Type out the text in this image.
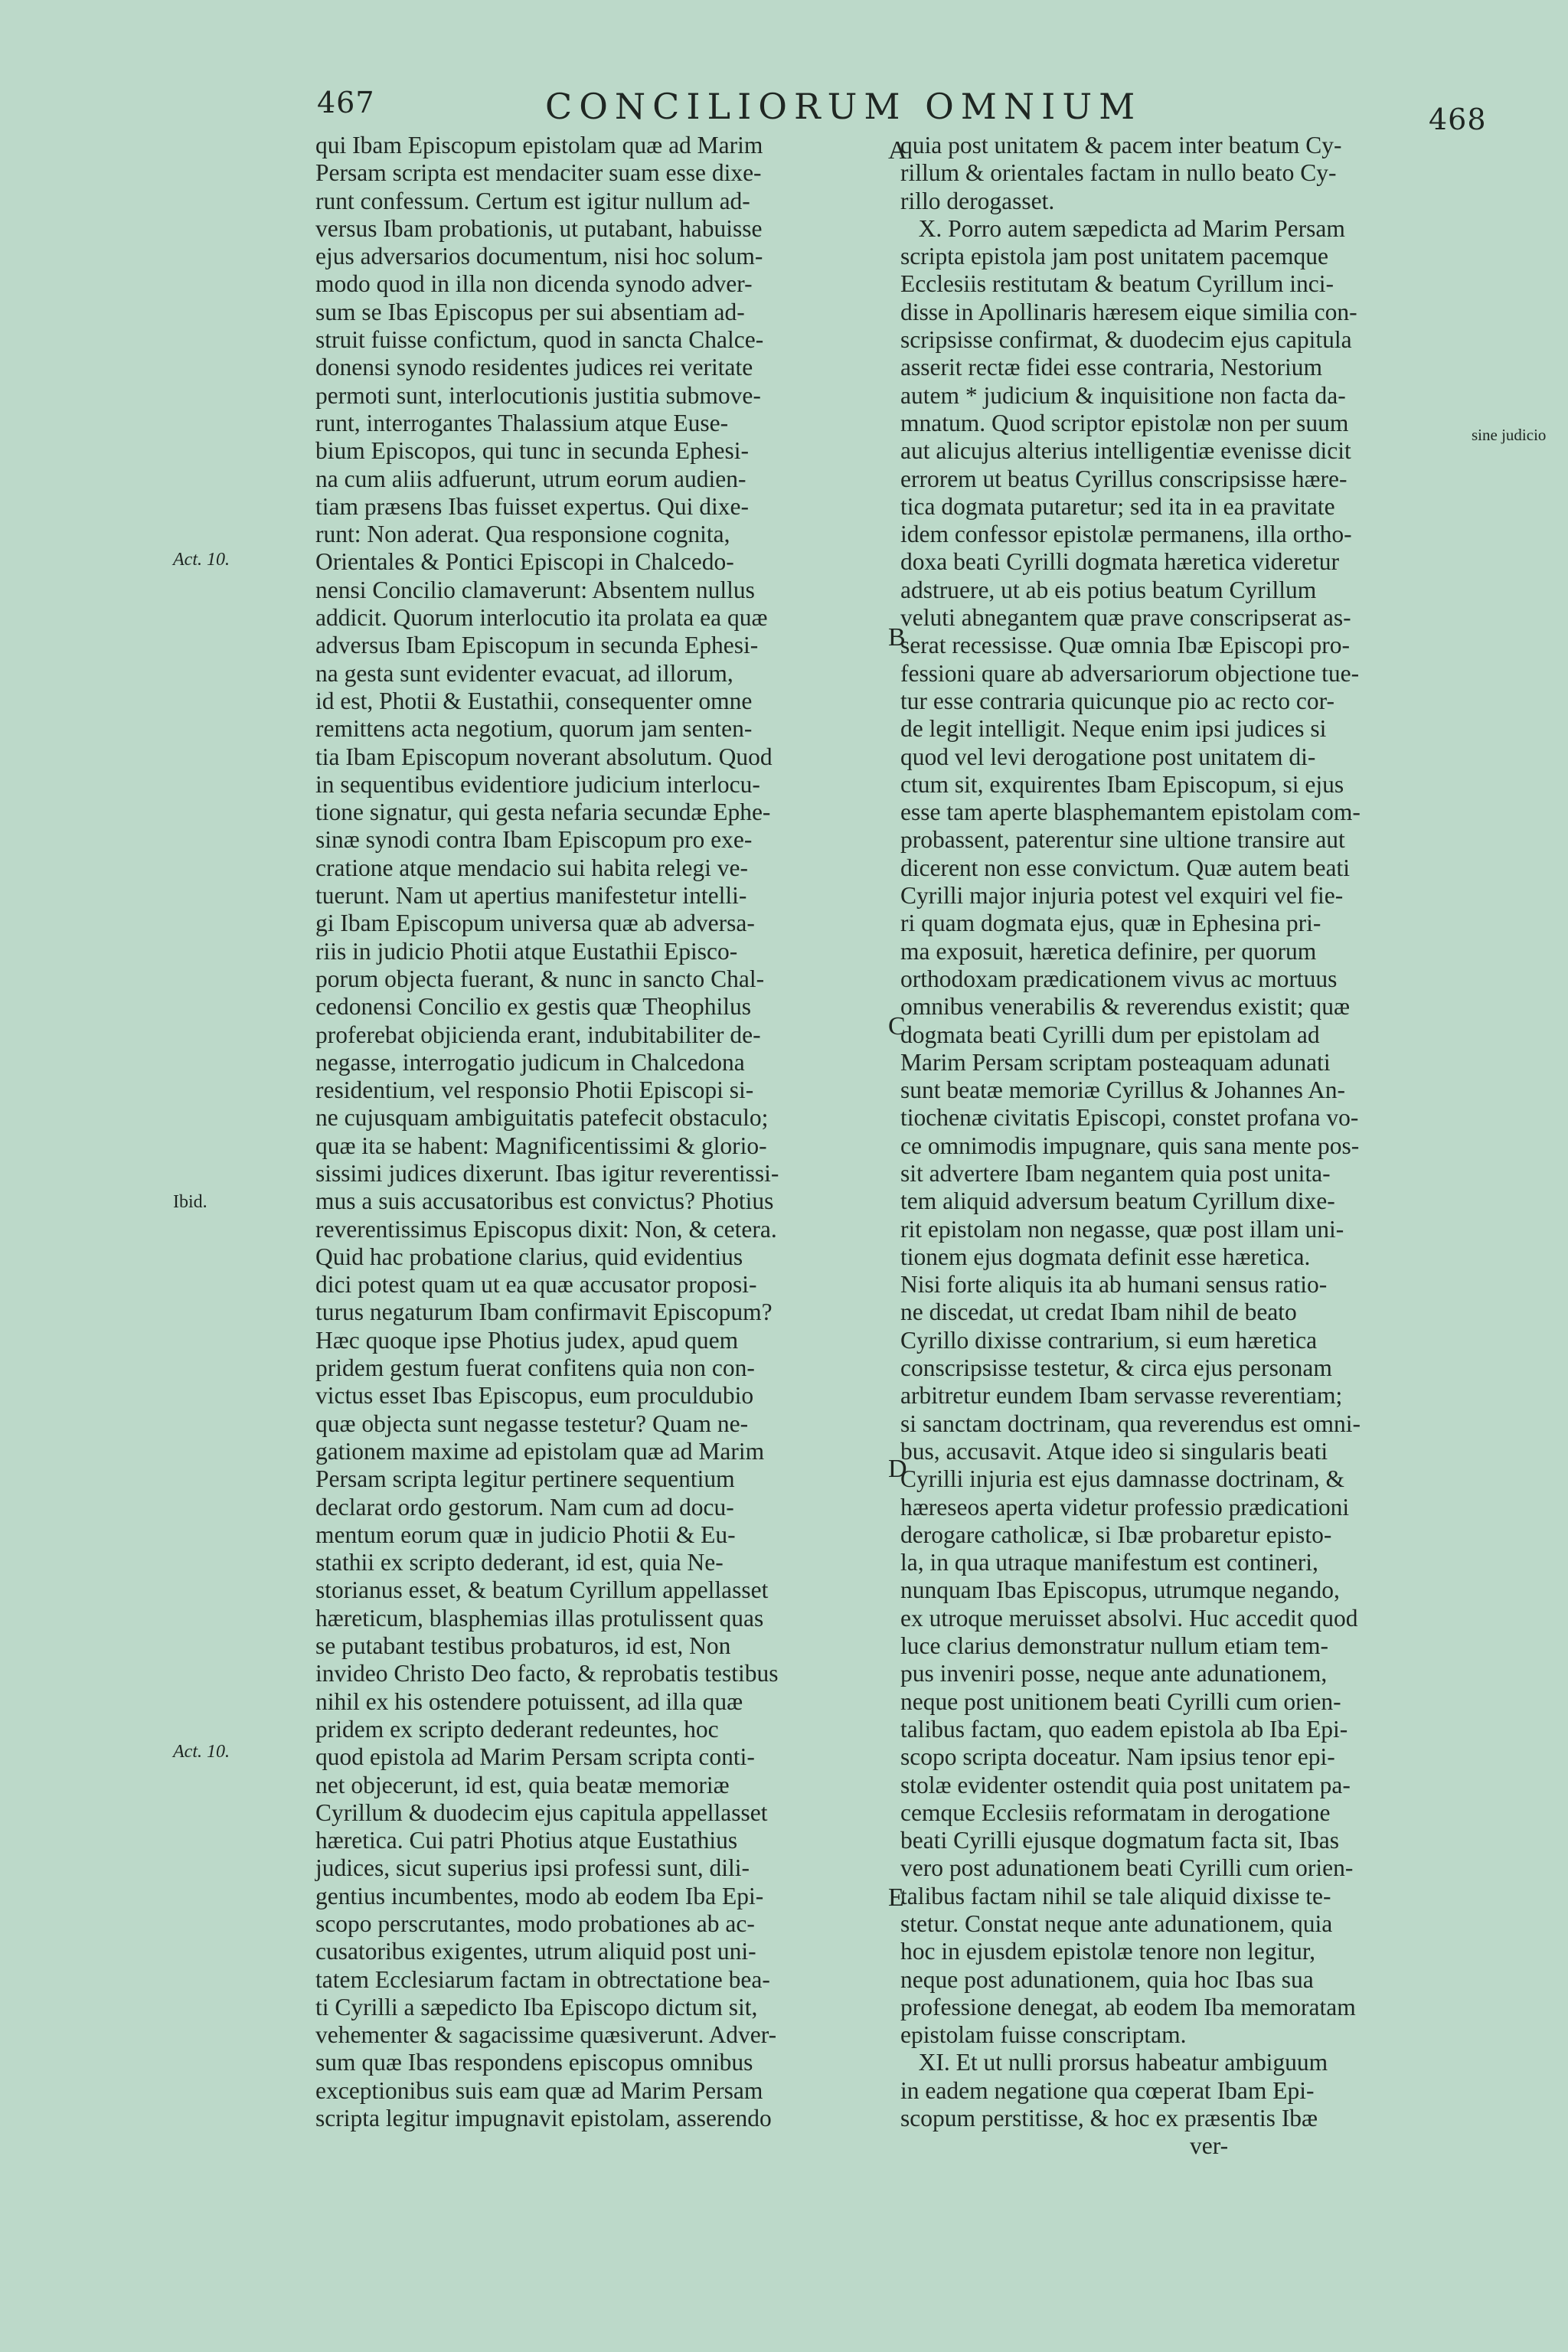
467	CONCILIORUM OMNIUM	468
Act. 10.
Ibid.
Act. 10.
sine judicio
A
B
C
D
E
qui Ibam Episcopum epistolam quæ ad Marim
Persam scripta est mendaciter suam esse dixe-
runt confessum. Certum est igitur nullum ad-
versus Ibam probationis, ut putabant, habuisse
ejus adversarios documentum, nisi hoc solum-
modo quod in illa non dicenda synodo adver-
sum se Ibas Episcopus per sui absentiam ad-
struit fuisse confictum, quod in sancta Chalce-
donensi synodo residentes judices rei veritate
permoti sunt, interlocutionis justitia submove-
runt, interrogantes Thalassium atque Euse-
bium Episcopos, qui tunc in secunda Ephesi-
na cum aliis adfuerunt, utrum eorum audien-
tiam præsens Ibas fuisset expertus. Qui dixe-
runt: Non aderat. Qua responsione cognita,
Orientales & Pontici Episcopi in Chalcedo-
nensi Concilio clamaverunt: Absentem nullus
addicit. Quorum interlocutio ita prolata ea quæ
adversus Ibam Episcopum in secunda Ephesi-
na gesta sunt evidenter evacuat, ad illorum,
id est, Photii & Eustathii, consequenter omne
remittens acta negotium, quorum jam senten-
tia Ibam Episcopum noverant absolutum. Quod
in sequentibus evidentiore judicium interlocu-
tione signatur, qui gesta nefaria secundæ Ephe-
sinæ synodi contra Ibam Episcopum pro exe-
cratione atque mendacio sui habita relegi ve-
tuerunt. Nam ut apertius manifestetur intelli-
gi Ibam Episcopum universa quæ ab adversa-
riis in judicio Photii atque Eustathii Episco-
porum objecta fuerant, & nunc in sancto Chal-
cedonensi Concilio ex gestis quæ Theophilus
proferebat objicienda erant, indubitabiliter de-
negasse, interrogatio judicum in Chalcedona
residentium, vel responsio Photii Episcopi si-
ne cujusquam ambiguitatis patefecit obstaculo;
quæ ita se habent: Magnificentissimi & glorio-
sissimi judices dixerunt. Ibas igitur reverentissi-
mus a suis accusatoribus est convictus? Photius
reverentissimus Episcopus dixit: Non, & cetera.
Quid hac probatione clarius, quid evidentius
dici potest quam ut ea quæ accusator proposi-
turus negaturum Ibam confirmavit Episcopum?
Hæc quoque ipse Photius judex, apud quem
pridem gestum fuerat confitens quia non con-
victus esset Ibas Episcopus, eum proculdubio
quæ objecta sunt negasse testetur? Quam ne-
gationem maxime ad epistolam quæ ad Marim
Persam scripta legitur pertinere sequentium
declarat ordo gestorum. Nam cum ad docu-
mentum eorum quæ in judicio Photii & Eu-
stathii ex scripto dederant, id est, quia Ne-
storianus esset, & beatum Cyrillum appellasset
hæreticum, blasphemias illas protulissent quas
se putabant testibus probaturos, id est, Non
invideo Christo Deo facto, & reprobatis testibus
nihil ex his ostendere potuissent, ad illa quæ
pridem ex scripto dederant redeuntes, hoc
quod epistola ad Marim Persam scripta conti-
net objecerunt, id est, quia beatæ memoriæ
Cyrillum & duodecim ejus capitula appellasset
hæretica. Cui patri Photius atque Eustathius
judices, sicut superius ipsi professi sunt, dili-
gentius incumbentes, modo ab eodem Iba Epi-
scopo perscrutantes, modo probationes ab ac-
cusatoribus exigentes, utrum aliquid post uni-
tatem Ecclesiarum factam in obtrectatione bea-
ti Cyrilli a sæpedicto Iba Episcopo dictum sit,
vehementer & sagacissime quæsiverunt. Adver-
sum quæ Ibas respondens episcopus omnibus
exceptionibus suis eam quæ ad Marim Persam
scripta legitur impugnavit epistolam, asserendo
quia post unitatem & pacem inter beatum Cy-
rillum & orientales factam in nullo beato Cy-
rillo derogasset.
X. Porro autem sæpedicta ad Marim Persam
scripta epistola jam post unitatem pacemque
Ecclesiis restitutam & beatum Cyrillum inci-
disse in Apollinaris hæresem eique similia con-
scripsisse confirmat, & duodecim ejus capitula
asserit rectæ fidei esse contraria, Nestorium
autem * judicium & inquisitione non facta da-
mnatum. Quod scriptor epistolæ non per suum
aut alicujus alterius intelligentiæ evenisse dicit
errorem ut beatus Cyrillus conscripsisse hære-
tica dogmata putaretur; sed ita in ea pravitate
idem confessor epistolæ permanens, illa ortho-
doxa beati Cyrilli dogmata hæretica videretur
adstruere, ut ab eis potius beatum Cyrillum
veluti abnegantem quæ prave conscripserat as-
serat recessisse. Quæ omnia Ibæ Episcopi pro-
fessioni quare ab adversariorum objectione tue-
tur esse contraria quicunque pio ac recto cor-
de legit intelligit. Neque enim ipsi judices si
quod vel levi derogatione post unitatem di-
ctum sit, exquirentes Ibam Episcopum, si ejus
esse tam aperte blasphemantem epistolam com-
probassent, paterentur sine ultione transire aut
dicerent non esse convictum. Quæ autem beati
Cyrilli major injuria potest vel exquiri vel fie-
ri quam dogmata ejus, quæ in Ephesina pri-
ma exposuit, hæretica definire, per quorum
orthodoxam prædicationem vivus ac mortuus
omnibus venerabilis & reverendus existit; quæ
dogmata beati Cyrilli dum per epistolam ad
Marim Persam scriptam posteaquam adunati
sunt beatæ memoriæ Cyrillus & Johannes An-
tiochenæ civitatis Episcopi, constet profana vo-
ce omnimodis impugnare, quis sana mente pos-
sit advertere Ibam negantem quia post unita-
tem aliquid adversum beatum Cyrillum dixe-
rit epistolam non negasse, quæ post illam uni-
tionem ejus dogmata definit esse hæretica.
Nisi forte aliquis ita ab humani sensus ratio-
ne discedat, ut credat Ibam nihil de beato
Cyrillo dixisse contrarium, si eum hæretica
conscripsisse testetur, & circa ejus personam
arbitretur eundem Ibam servasse reverentiam;
si sanctam doctrinam, qua reverendus est omni-
bus, accusavit. Atque ideo si singularis beati
Cyrilli injuria est ejus damnasse doctrinam, &
hæreseos aperta videtur professio prædicationi
derogare catholicæ, si Ibæ probaretur episto-
la, in qua utraque manifestum est contineri,
nunquam Ibas Episcopus, utrumque negando,
ex utroque meruisset absolvi. Huc accedit quod
luce clarius demonstratur nullum etiam tem-
pus inveniri posse, neque ante adunationem,
neque post unitionem beati Cyrilli cum orien-
talibus factam, quo eadem epistola ab Iba Epi-
scopo scripta doceatur. Nam ipsius tenor epi-
stolæ evidenter ostendit quia post unitatem pa-
cemque Ecclesiis reformatam in derogatione
beati Cyrilli ejusque dogmatum facta sit, Ibas
vero post adunationem beati Cyrilli cum orien-
talibus factam nihil se tale aliquid dixisse te-
stetur. Constat neque ante adunationem, quia
hoc in ejusdem epistolæ tenore non legitur,
neque post adunationem, quia hoc Ibas sua
professione denegat, ab eodem Iba memoratam
epistolam fuisse conscriptam.
XI. Et ut nulli prorsus habeatur ambiguum
in eadem negatione qua cœperat Ibam Epi-
scopum perstitisse, & hoc ex præsentis Ibæ
ver-
